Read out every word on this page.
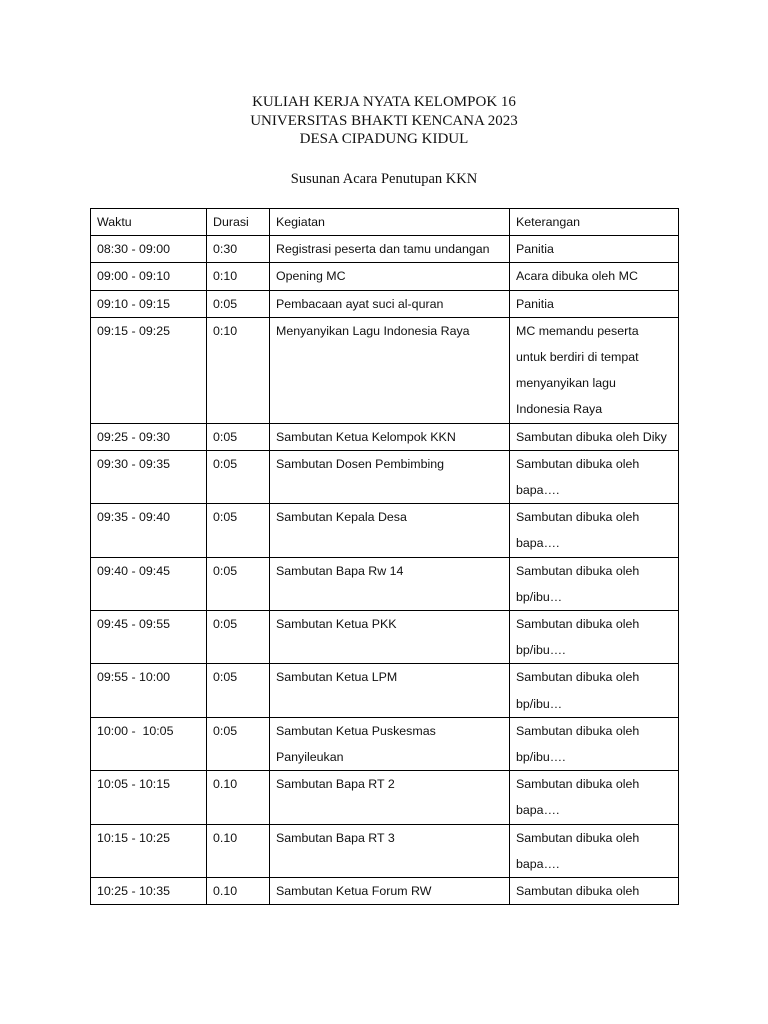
KULIAH KERJA NYATA KELOMPOK 16
UNIVERSITAS BHAKTI KENCANA 2023
DESA CIPADUNG KIDUL
Susunan Acara Penutupan KKN
Waktu	Durasi	Kegiatan	Keterangan
08:30 - 09:00	0:30	Registrasi peserta dan tamu undangan	Panitia
09:00 - 09:10	0:10	Opening MC	Acara dibuka oleh MC
09:10 - 09:15	0:05	Pembacaan ayat suci al-quran	Panitia
09:15 - 09:25	0:10	Menyanyikan Lagu Indonesia Raya	MC memandu peserta
untuk berdiri di tempat
menyanyikan lagu
Indonesia Raya
09:25 - 09:30	0:05	Sambutan Ketua Kelompok KKN	Sambutan dibuka oleh Diky
09:30 - 09:35	0:05	Sambutan Dosen Pembimbing	Sambutan dibuka oleh
bapa….
09:35 - 09:40	0:05	Sambutan Kepala Desa	Sambutan dibuka oleh
bapa….

09:40 - 09:45	0:05	Sambutan Bapa Rw 14	Sambutan dibuka oleh
bp/ibu…
09:45 - 09:55	0:05	Sambutan Ketua PKK	Sambutan dibuka oleh
bp/ibu….
09:55 - 10:00	0:05	Sambutan Ketua LPM	Sambutan dibuka oleh
bp/ibu…
10:00 -  10:05	0:05	Sambutan Ketua Puskesmas
Panyileukan	Sambutan dibuka oleh
bp/ibu….
10:05 - 10:15	0.10	Sambutan Bapa RT 2	Sambutan dibuka oleh
bapa….
10:15 - 10:25	0.10	Sambutan Bapa RT 3	Sambutan dibuka oleh
bapa….
10:25 - 10:35	0.10	Sambutan Ketua Forum RW	Sambutan dibuka oleh
